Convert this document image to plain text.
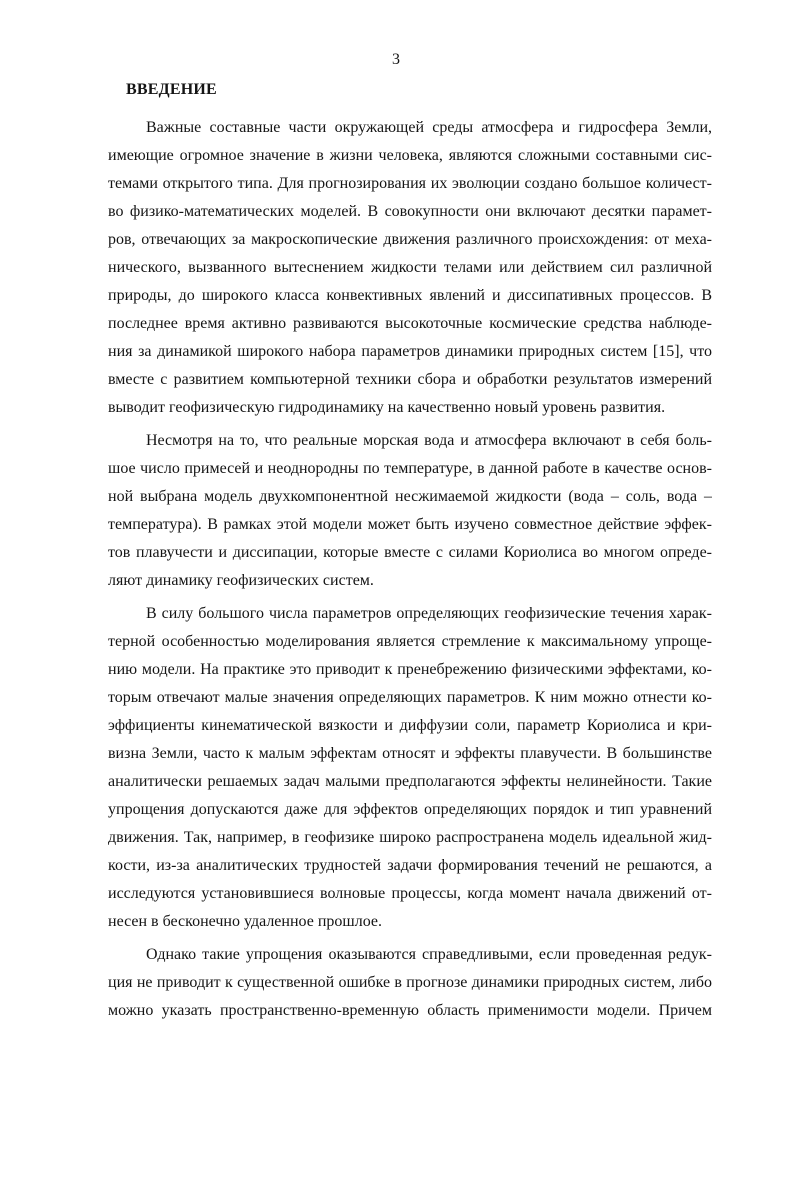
3
ВВЕДЕНИЕ
Важные составные части окружающей среды атмосфера и гидросфера Земли,
имеющие огромное значение в жизни человека, являются сложными составными сис-
темами открытого типа. Для прогнозирования их эволюции создано большое количест-
во физико-математических моделей. В совокупности они включают десятки парамет-
ров, отвечающих за макроскопические движения различного происхождения: от меха-
нического, вызванного вытеснением жидкости телами или действием сил различной
природы, до широкого класса конвективных явлений и диссипативных процессов. В
последнее время активно развиваются высокоточные космические средства наблюде-
ния за динамикой широкого набора параметров динамики природных систем [15], что
вместе с развитием компьютерной техники сбора и обработки результатов измерений
выводит геофизическую гидродинамику на качественно новый уровень развития.
Несмотря на то, что реальные морская вода и атмосфера включают в себя боль-
шое число примесей и неоднородны по температуре, в данной работе в качестве основ-
ной выбрана модель двухкомпонентной несжимаемой жидкости (вода – соль, вода –
температура). В рамках этой модели может быть изучено совместное действие эффек-
тов плавучести и диссипации, которые вместе с силами Кориолиса во многом опреде-
ляют динамику геофизических систем.
В силу большого числа параметров определяющих геофизические течения харак-
терной особенностью моделирования является стремление к максимальному упроще-
нию модели. На практике это приводит к пренебрежению физическими эффектами, ко-
торым отвечают малые значения определяющих параметров. К ним можно отнести ко-
эффициенты кинематической вязкости и диффузии соли, параметр Кориолиса и кри-
визна Земли, часто к малым эффектам относят и эффекты плавучести. В большинстве
аналитически решаемых задач малыми предполагаются эффекты нелинейности. Такие
упрощения допускаются даже для эффектов определяющих порядок и тип уравнений
движения. Так, например, в геофизике широко распространена модель идеальной жид-
кости, из-за аналитических трудностей задачи формирования течений не решаются, а
исследуются установившиеся волновые процессы, когда момент начала движений от-
несен в бесконечно удаленное прошлое.
Однако такие упрощения оказываются справедливыми, если проведенная редук-
ция не приводит к существенной ошибке в прогнозе динамики природных систем, либо
можно указать пространственно-временную область применимости модели. Причем
